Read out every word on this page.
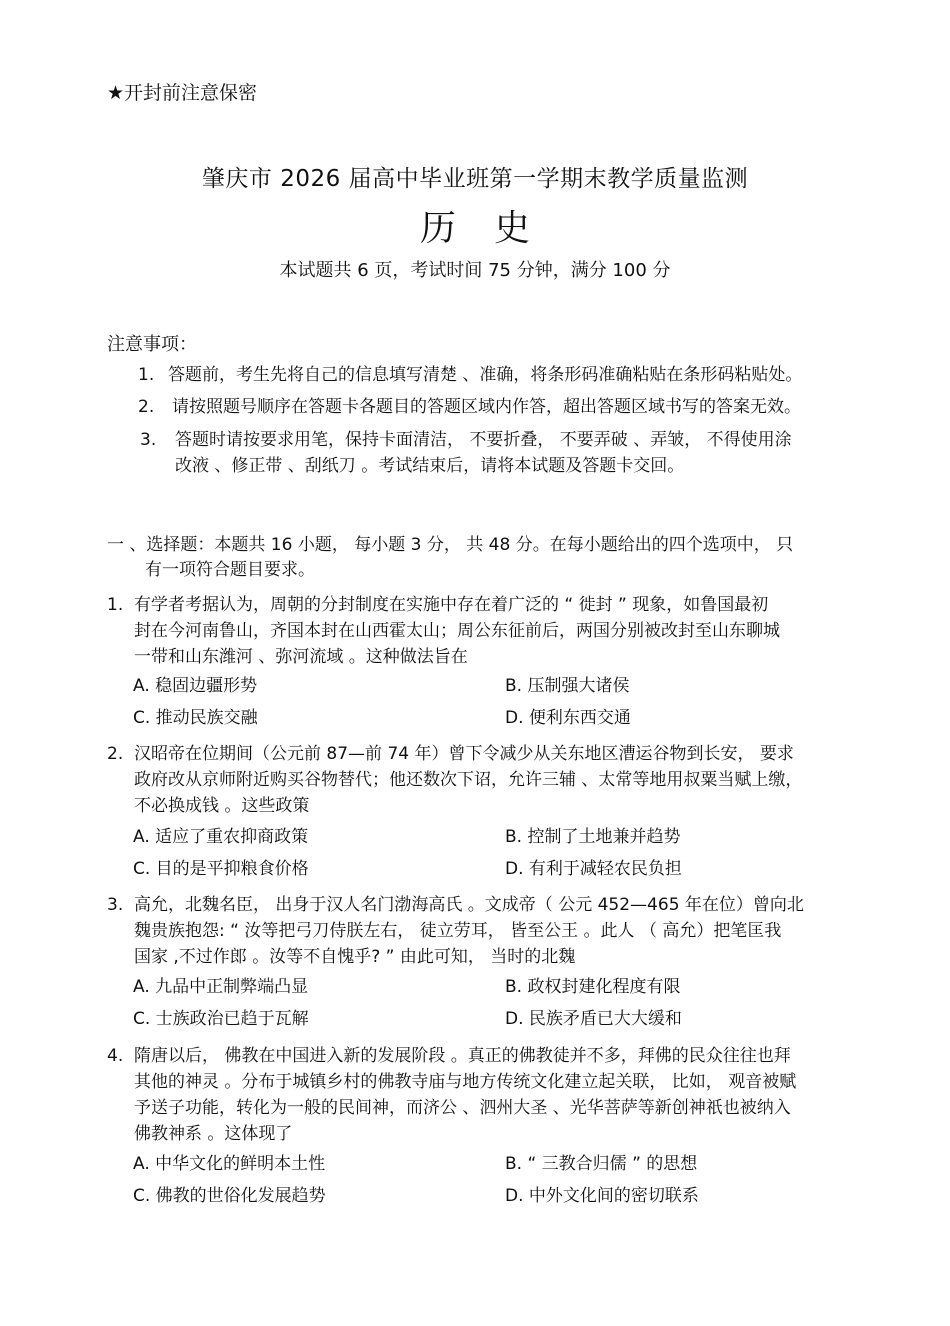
★开封前注意保密
肇庆市 2026 届高中毕业班第一学期末教学质量监测
历史
本试题共 6 页，考试时间 75 分钟，满分 100 分
注意事项：
1. 答题前，考生先将自己的信息填写清楚 、准确，将条形码准确粘贴在条形码粘贴处。
2. 请按照题号顺序在答题卡各题目的答题区域内作答，超出答题区域书写的答案无效。
3. 答题时请按要求用笔，保持卡面清洁， 不要折叠， 不要弄破 、弄皱， 不得使用涂
改液 、修正带 、刮纸刀 。考试结束后，请将本试题及答题卡交回。
一 、选择题：本题共 16 小题， 每小题 3 分， 共 48 分。在每小题给出的四个选项中， 只
有一项符合题目要求。
1. 有学者考据认为，周朝的分封制度在实施中存在着广泛的 “ 徙封 ” 现象，如鲁国最初
封在今河南鲁山，齐国本封在山西霍太山；周公东征前后，两国分别被改封至山东聊城
一带和山东潍河 、弥河流域 。这种做法旨在
A. 稳固边疆形势	B. 压制强大诸侯
C. 推动民族交融	D. 便利东西交通
2. 汉昭帝在位期间（公元前 87—前 74 年）曾下令减少从关东地区漕运谷物到长安， 要求
政府改从京师附近购买谷物替代；他还数次下诏，允许三辅 、太常等地用叔粟当赋上缴，
不必换成钱 。这些政策
A. 适应了重农抑商政策	B. 控制了土地兼并趋势
C. 目的是平抑粮食价格	D. 有利于减轻农民负担
3. 高允，北魏名臣， 出身于汉人名门渤海高氏 。文成帝（ 公元 452—465 年在位）曾向北
魏贵族抱怨: “ 汝等把弓刀侍朕左右， 徒立劳耳， 皆至公王 。此人 （ 高允）把笔匡我
国家 ,不过作郎 。汝等不自愧乎? ” 由此可知， 当时的北魏
A. 九品中正制弊端凸显	B. 政权封建化程度有限
C. 士族政治已趋于瓦解	D. 民族矛盾已大大缓和
4. 隋唐以后， 佛教在中国进入新的发展阶段 。真正的佛教徒并不多，拜佛的民众往往也拜
其他的神灵 。分布于城镇乡村的佛教寺庙与地方传统文化建立起关联， 比如， 观音被赋
予送子功能，转化为一般的民间神，而济公 、泗州大圣 、光华菩萨等新创神祇也被纳入
佛教神系 。这体现了
A. 中华文化的鲜明本土性	B. “ 三教合归儒 ” 的思想
C. 佛教的世俗化发展趋势	D. 中外文化间的密切联系
